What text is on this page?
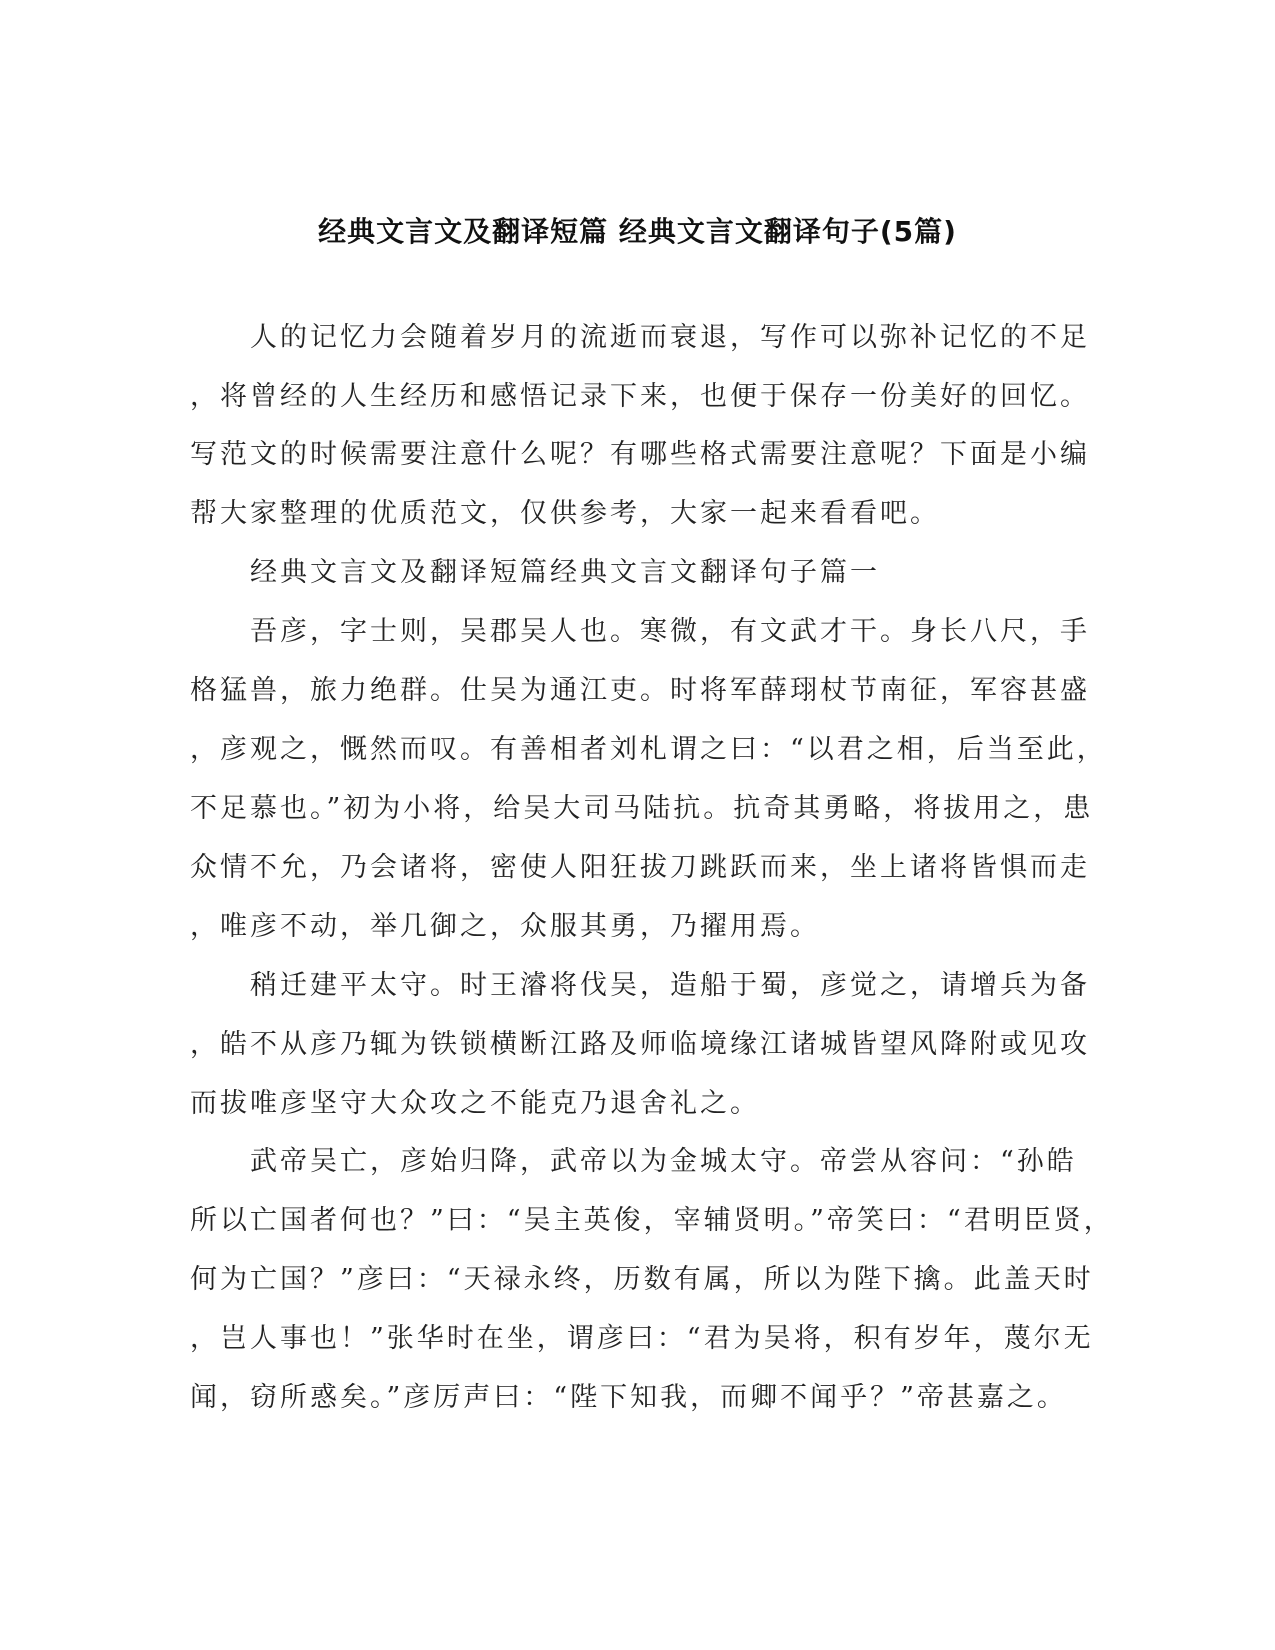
经典文言文及翻译短篇 经典文言文翻译句子(5篇)
人的记忆力会随着岁月的流逝而衰退，写作可以弥补记忆的不足
，将曾经的人生经历和感悟记录下来，也便于保存一份美好的回忆。
写范文的时候需要注意什么呢？有哪些格式需要注意呢？下面是小编
帮大家整理的优质范文，仅供参考，大家一起来看看吧。
经典文言文及翻译短篇经典文言文翻译句子篇一
吾彦，字士则，吴郡吴人也。寒微，有文武才干。身长八尺，手
格猛兽，旅力绝群。仕吴为通江吏。时将军薛珝杖节南征，军容甚盛
，彦观之，慨然而叹。有善相者刘札谓之曰：“以君之相，后当至此，
不足慕也。”初为小将，给吴大司马陆抗。抗奇其勇略，将拔用之，患
众情不允，乃会诸将，密使人阳狂拔刀跳跃而来，坐上诸将皆惧而走
，唯彦不动，举几御之，众服其勇，乃擢用焉。
稍迁建平太守。时王濬将伐吴，造船于蜀，彦觉之，请增兵为备
，皓不从彦乃辄为铁锁横断江路及师临境缘江诸城皆望风降附或见攻
而拔唯彦坚守大众攻之不能克乃退舍礼之。
武帝吴亡，彦始归降，武帝以为金城太守。帝尝从容问：“孙皓
所以亡国者何也？”曰：“吴主英俊，宰辅贤明。”帝笑曰：“君明臣贤，
何为亡国？”彦曰：“天禄永终，历数有属，所以为陛下擒。此盖天时
，岂人事也！”张华时在坐，谓彦曰：“君为吴将，积有岁年，蔑尔无
闻，窃所惑矣。”彦厉声曰：“陛下知我，而卿不闻乎？”帝甚嘉之。
